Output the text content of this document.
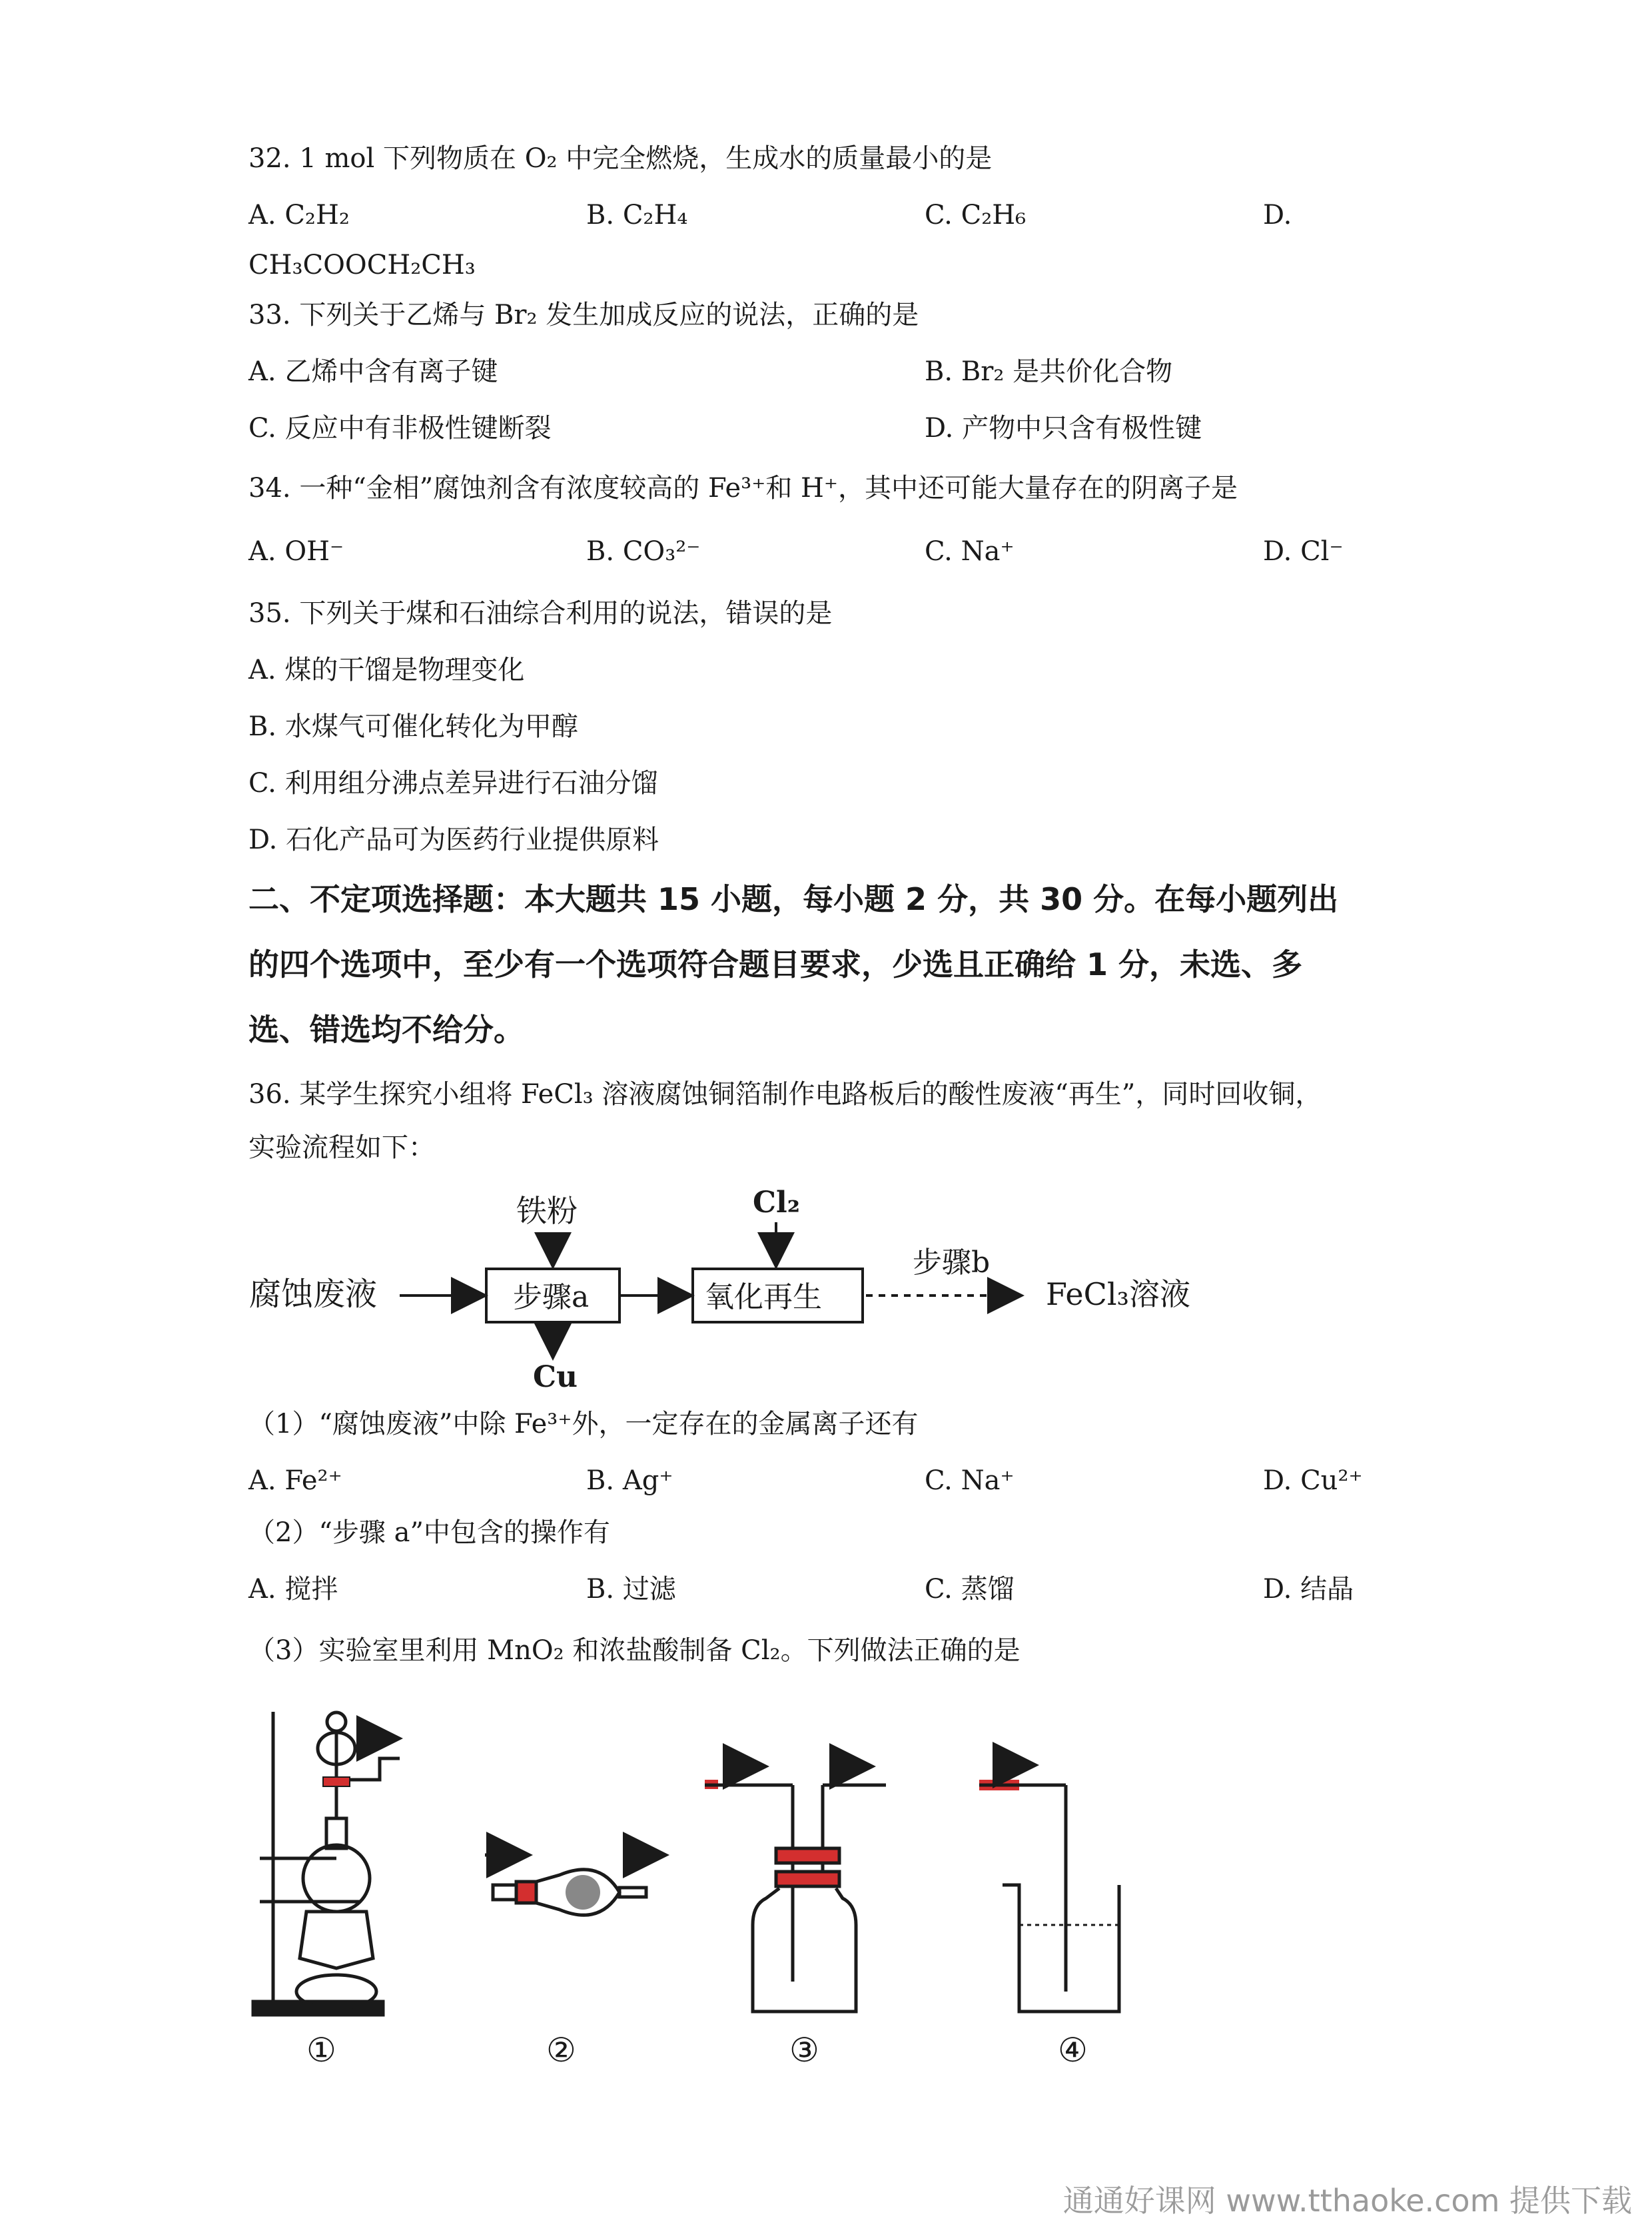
32. 1 mol 下列物质在 O₂ 中完全燃烧，生成水的质量最小的是
A. C₂H₂	B. C₂H₄	C. C₂H₆	D.
CH₃COOCH₂CH₃
33. 下列关于乙烯与 Br₂ 发生加成反应的说法，正确的是
A. 乙烯中含有离子键	B. Br₂ 是共价化合物
C. 反应中有非极性键断裂	D. 产物中只含有极性键
34. 一种“金相”腐蚀剂含有浓度较高的 Fe³⁺和 H⁺，其中还可能大量存在的阴离子是
A. OH⁻	B. CO₃²⁻	C. Na⁺	D. Cl⁻
35. 下列关于煤和石油综合利用的说法，错误的是
A. 煤的干馏是物理变化
B. 水煤气可催化转化为甲醇
C. 利用组分沸点差异进行石油分馏
D. 石化产品可为医药行业提供原料
二、不定项选择题：本大题共 15 小题，每小题 2 分，共 30 分。在每小题列出
的四个选项中，至少有一个选项符合题目要求，少选且正确给 1 分，未选、多
选、错选均不给分。
36. 某学生探究小组将 FeCl₃ 溶液腐蚀铜箔制作电路板后的酸性废液“再生”，同时回收铜，
实验流程如下：
腐蚀废液
铁粉
步骤a
Cu
Cl₂
氧化再生
步骤b
FeCl₃溶液
（1）“腐蚀废液”中除 Fe³⁺外，一定存在的金属离子还有
A. Fe²⁺	B. Ag⁺	C. Na⁺	D. Cu²⁺
（2）“步骤 a”中包含的操作有
A. 搅拌	B. 过滤	C. 蒸馏	D. 结晶
（3）实验室里利用 MnO₂ 和浓盐酸制备 Cl₂。下列做法正确的是
①	②	③	④
通通好课网 www.tthaoke.com 提供下载
